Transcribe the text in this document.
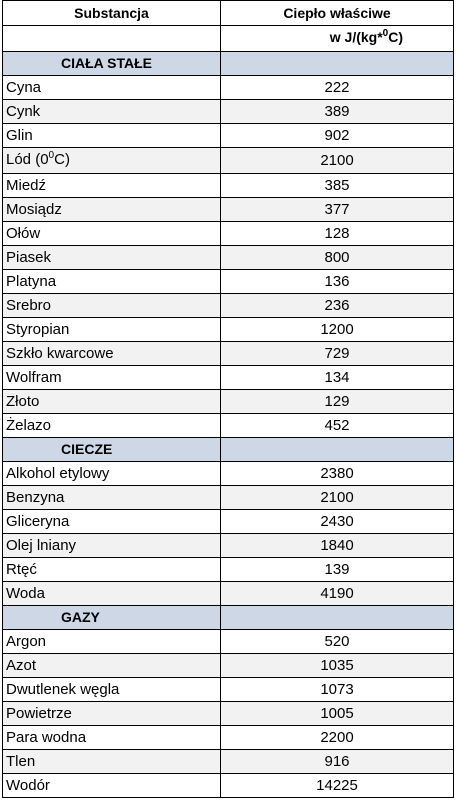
Substancja	Ciepło właściwe
	w J/(kg*$^0$C)
CIAŁA STAŁE	
Cyna	222
Cynk	389
Glin	902
Lód $(0^0C)$	2100
Miedź	385
Mosiądz	377
Ołów	128
Piasek	800
Platyna	136
Srebro	236
Styropian	1200
Szkło kwarcowe	729
Wolfram	134
Złoto	129
Żelazo	452
CIECZE	
Alkohol etylowy	2380
Benzyna	2100
Gliceryna	2430
Olej lniany	1840
Rtęć	139
Woda	4190
GAZY	
Argon	520
Azot	1035
Dwutlenek węgla	1073
Powietrze	1005
Para wodna	2200
Tlen	916
Wodór	14225
